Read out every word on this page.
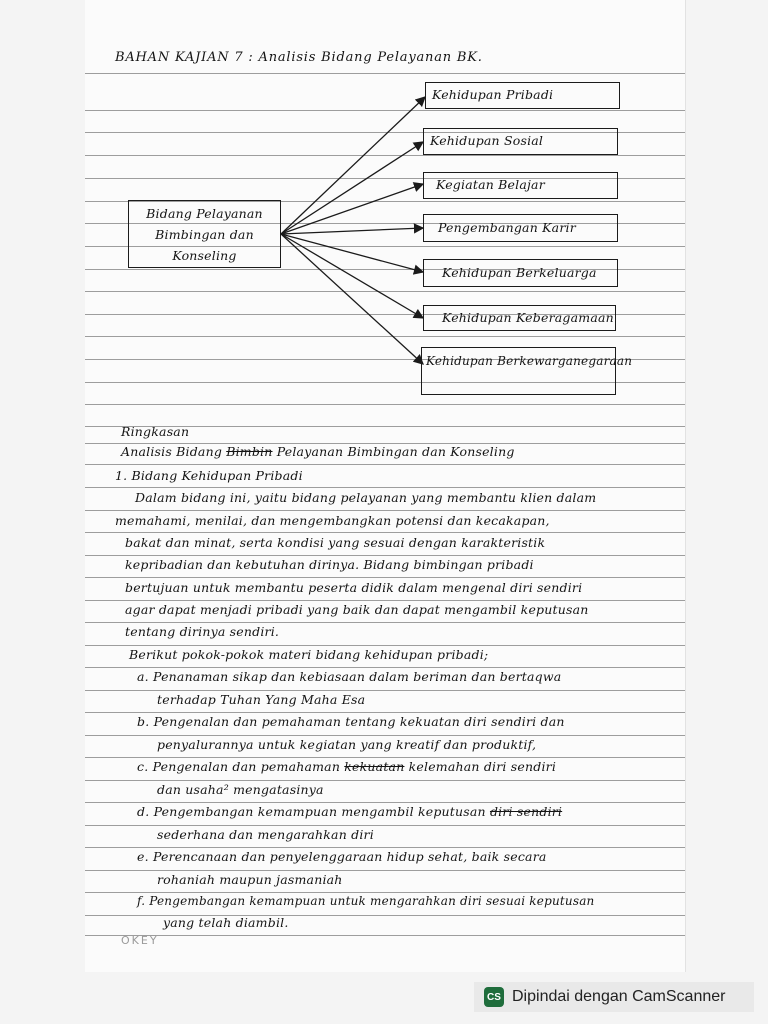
BAHAN KAJIAN 7 : Analisis Bidang Pelayanan BK.
Bidang Pelayanan
Bimbingan dan
Konseling
Kehidupan Pribadi
Kehidupan Sosial
Kegiatan Belajar
Pengembangan Karir
Kehidupan Berkeluarga
Kehidupan Keberagamaan
Kehidupan Berkewarganegaraan
Ringkasan
Analisis Bidang Bimbin Pelayanan Bimbingan dan Konseling
1. Bidang Kehidupan Pribadi
Dalam bidang ini, yaitu bidang pelayanan yang membantu klien dalam
memahami, menilai, dan mengembangkan potensi dan kecakapan,
bakat dan minat, serta kondisi yang sesuai dengan karakteristik
kepribadian dan kebutuhan dirinya. Bidang bimbingan pribadi
bertujuan untuk membantu peserta didik dalam mengenal diri sendiri
agar dapat menjadi pribadi yang baik dan dapat mengambil keputusan
tentang dirinya sendiri.
Berikut pokok-pokok materi bidang kehidupan pribadi;
a. Penanaman sikap dan kebiasaan dalam beriman dan bertaqwa
terhadap Tuhan Yang Maha Esa
b. Pengenalan dan pemahaman tentang kekuatan diri sendiri dan
penyalurannya untuk kegiatan yang kreatif dan produktif,
c. Pengenalan dan pemahaman kekuatan kelemahan diri sendiri
dan usaha² mengatasinya
d. Pengembangan kemampuan mengambil keputusan diri sendiri
sederhana dan mengarahkan diri
e. Perencanaan dan penyelenggaraan hidup sehat, baik secara
rohaniah maupun jasmaniah
f. Pengembangan kemampuan untuk mengarahkan diri sesuai keputusan
yang telah diambil.
OKEY
CS Dipindai dengan CamScanner
